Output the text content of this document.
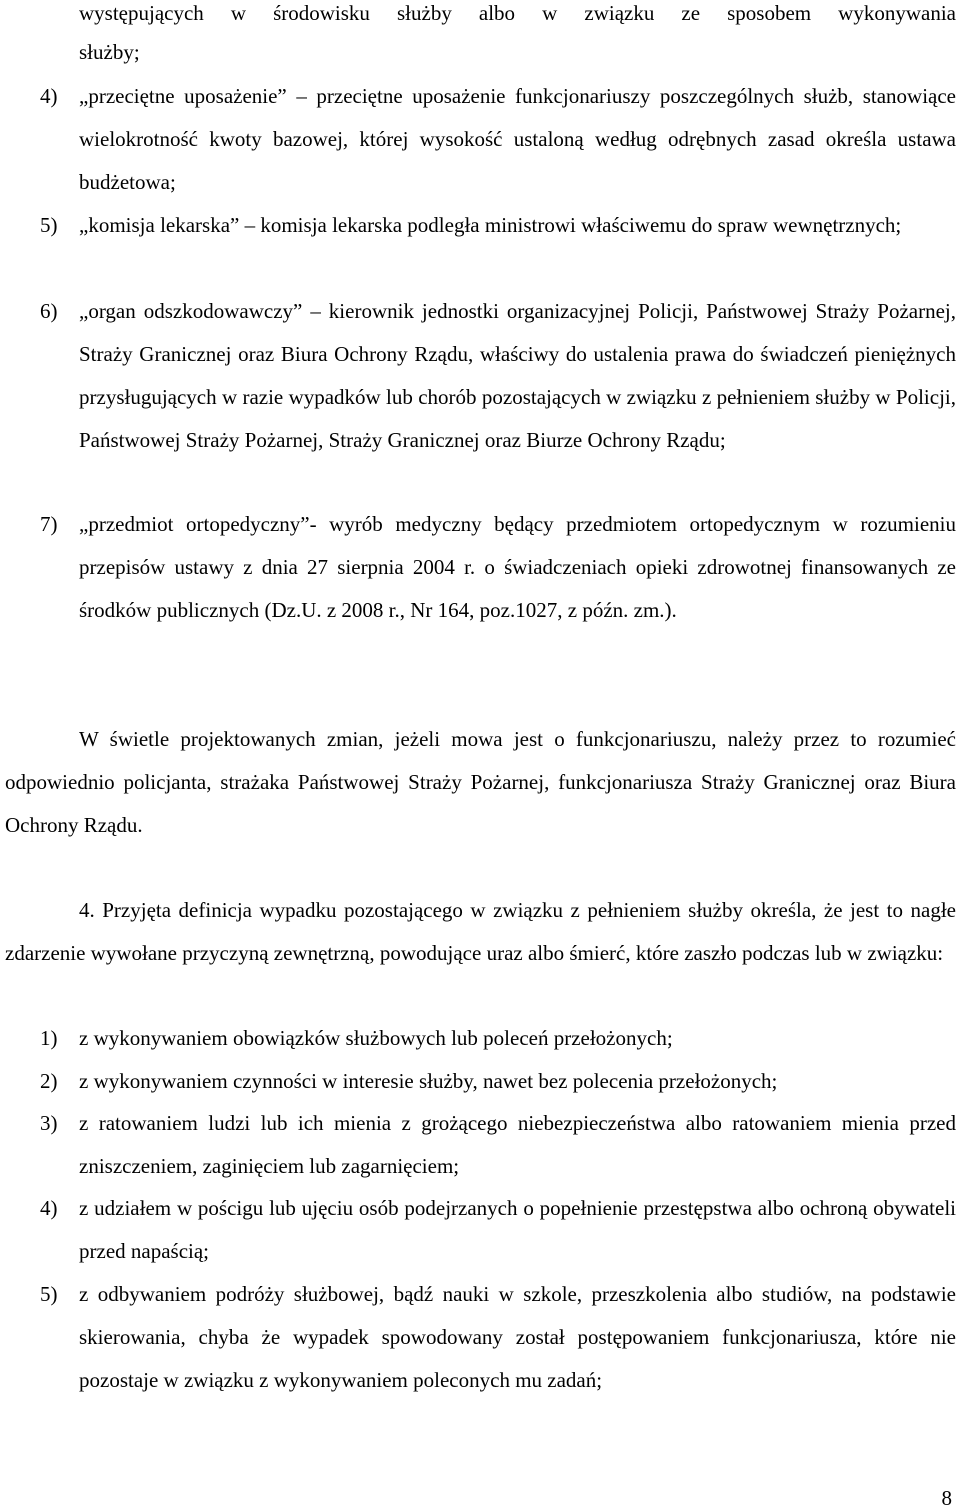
występujących w środowisku służby albo w związku ze sposobem wykonywania
służby;
4) „przeciętne uposażenie” – przeciętne uposażenie funkcjonariuszy poszczególnych służb, stanowiące wielokrotność kwoty bazowej, której wysokość ustaloną według odrębnych zasad określa ustawa budżetowa;
5) „komisja lekarska” – komisja lekarska podległa ministrowi właściwemu do spraw wewnętrznych;
6) „organ odszkodowawczy” – kierownik jednostki organizacyjnej Policji, Państwowej Straży Pożarnej, Straży Granicznej oraz Biura Ochrony Rządu, właściwy do ustalenia prawa do świadczeń pieniężnych przysługujących w razie wypadków lub chorób pozostających w związku z pełnieniem służby w Policji, Państwowej Straży Pożarnej, Straży Granicznej oraz Biurze Ochrony Rządu;
7) „przedmiot ortopedyczny”- wyrób medyczny będący przedmiotem ortopedycznym w rozumieniu przepisów ustawy z dnia 27 sierpnia 2004 r. o świadczeniach opieki zdrowotnej finansowanych ze środków publicznych (Dz.U. z 2008 r., Nr 164, poz.1027, z późn. zm.).
W świetle projektowanych zmian, jeżeli mowa jest o funkcjonariuszu, należy przez to rozumieć odpowiednio policjanta, strażaka Państwowej Straży Pożarnej, funkcjonariusza Straży Granicznej oraz Biura Ochrony Rządu.
4. Przyjęta definicja wypadku pozostającego w związku z pełnieniem służby określa, że jest to nagłe zdarzenie wywołane przyczyną zewnętrzną, powodujące uraz albo śmierć, które zaszło podczas lub w związku:
1) z wykonywaniem obowiązków służbowych lub poleceń przełożonych;
2) z wykonywaniem czynności w interesie służby, nawet bez polecenia przełożonych;
3) z ratowaniem ludzi lub ich mienia z grożącego niebezpieczeństwa albo ratowaniem mienia przed zniszczeniem, zaginięciem lub zagarnięciem;
4) z udziałem w pościgu lub ujęciu osób podejrzanych o popełnienie przestępstwa albo ochroną obywateli przed napaścią;
5) z odbywaniem podróży służbowej, bądź nauki w szkole, przeszkolenia albo studiów, na podstawie skierowania, chyba że wypadek spowodowany został postępowaniem funkcjonariusza, które nie pozostaje w związku z wykonywaniem poleconych mu zadań;
8
